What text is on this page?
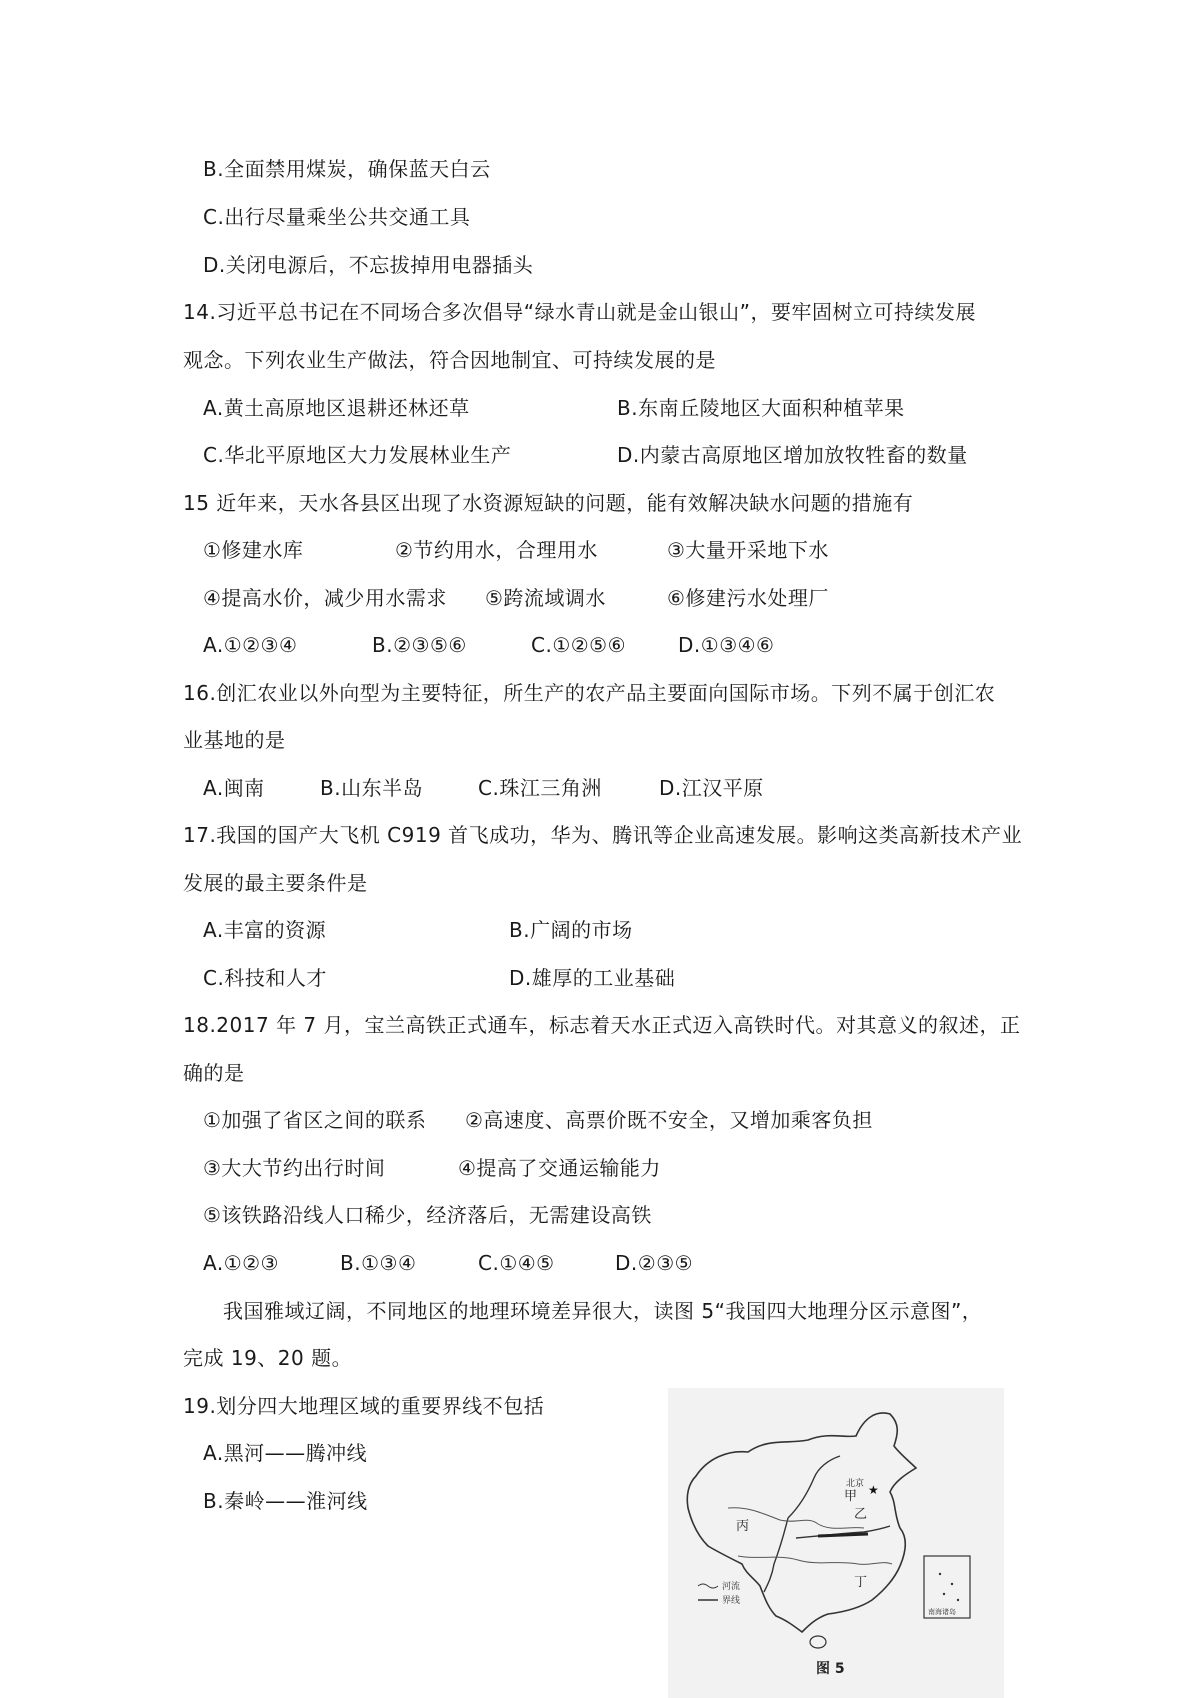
B.全面禁用煤炭，确保蓝天白云
C.出行尽量乘坐公共交通工具
D.关闭电源后，不忘拔掉用电器插头
14.习近平总书记在不同场合多次倡导“绿水青山就是金山银山”，要牢固树立可持续发展
观念。下列农业生产做法，符合因地制宜、可持续发展的是
A.黄土高原地区退耕还林还草	B.东南丘陵地区大面积种植苹果
C.华北平原地区大力发展林业生产	D.内蒙古高原地区增加放牧牲畜的数量
15 近年来，天水各县区出现了水资源短缺的问题，能有效解决缺水问题的措施有
①修建水库	②节约用水，合理用水	③大量开采地下水
④提高水价，减少用水需求 ⑤跨流域调水	⑥修建污水处理厂
A.①②③④	B.②③⑤⑥	C.①②⑤⑥	D.①③④⑥
16.创汇农业以外向型为主要特征，所生产的农产品主要面向国际市场。下列不属于创汇农
业基地的是
A.闽南	B.山东半岛	C.珠江三角洲	D.江汉平原
17.我国的国产大飞机 C919 首飞成功，华为、腾讯等企业高速发展。影响这类高新技术产业
发展的最主要条件是
A.丰富的资源	B.广阔的市场
C.科技和人才	D.雄厚的工业基础
18.2017 年 7 月，宝兰高铁正式通车，标志着天水正式迈入高铁时代。对其意义的叙述，正
确的是
①加强了省区之间的联系 ②高速度、高票价既不安全，又增加乘客负担
③大大节约出行时间	④提高了交通运输能力
⑤该铁路沿线人口稀少，经济落后，无需建设高铁
A.①②③	B.①③④	C.①④⑤	D.②③⑤
我国雅域辽阔，不同地区的地理环境差异很大，读图 5“我国四大地理分区示意图”，
完成 19、20 题。
19.划分四大地理区域的重要界线不包括
A.黑河——腾冲线
B.秦岭——淮河线	★
北京
甲
乙
丙
丁
河流
界线
南海诸岛
图 5
